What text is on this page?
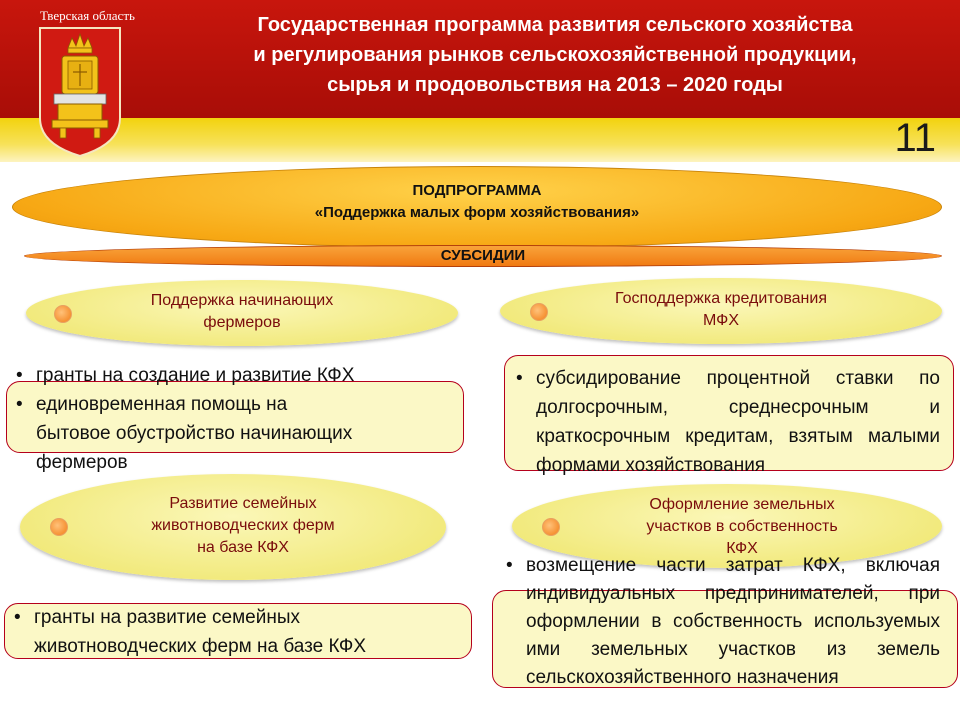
Тверская область	Государственная программа развития сельского хозяйства
и регулирования рынков сельскохозяйственной продукции,
сырья и продовольствия на 2013 – 2020 годы
11
ПОДПРОГРАММА
«Поддержка малых форм хозяйствования»
СУБСИДИИ
Поддержка начинающих
фермеров
• гранты на создание и развитие КФХ
• единовременная помощь на бытовое обустройство начинающих фермеров
Господдержка кредитования
МФХ
• субсидирование процентной ставки по долгосрочным, среднесрочным и краткосрочным кредитам, взятым малыми формами хозяйствования
Развитие семейных
животноводческих ферм
на базе КФХ
• гранты на развитие семейных животноводческих ферм на базе КФХ
Оформление земельных
участков в собственность
КФХ
• возмещение части затрат КФХ, включая индивидуальных предпринимателей, при оформлении в собственность используемых ими земельных участков из земель сельскохозяйственного назначения
